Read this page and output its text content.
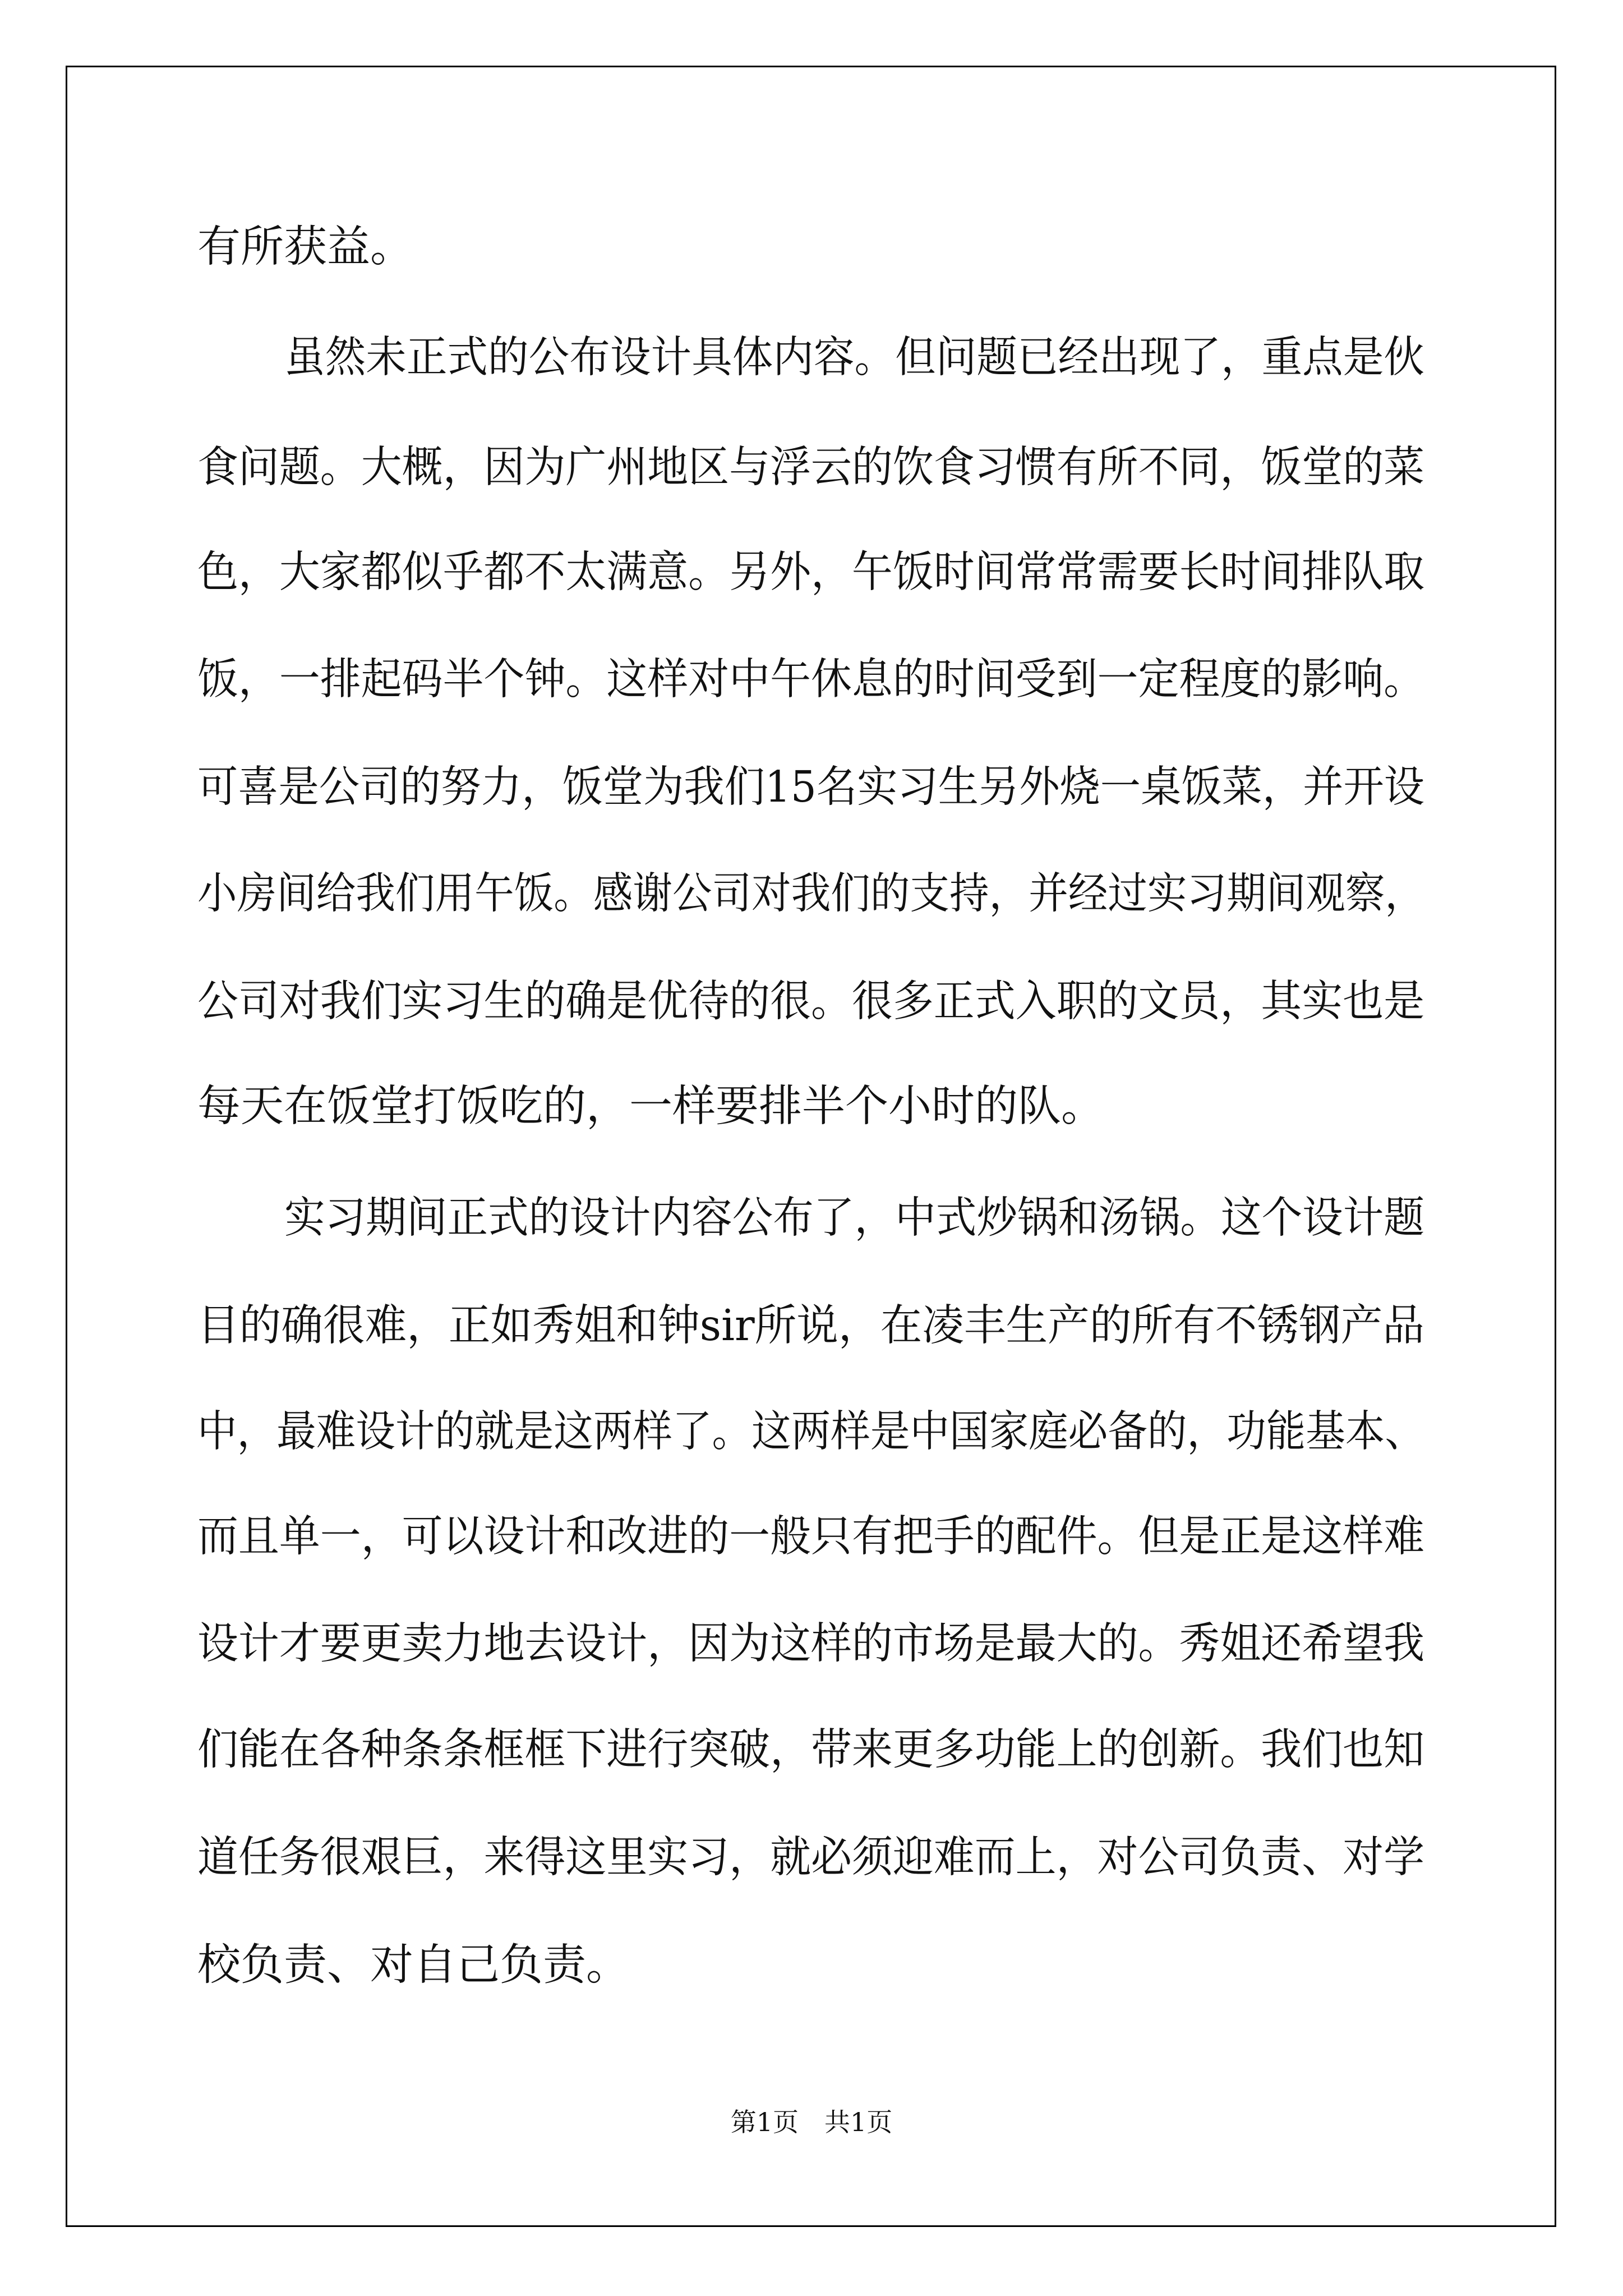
有所获益。
虽然未正式的公布设计具体内容。但问题已经出现了，重点是伙
食问题。大概，因为广州地区与浮云的饮食习惯有所不同，饭堂的菜
色，大家都似乎都不太满意。另外，午饭时间常常需要长时间排队取
饭，一排起码半个钟。这样对中午休息的时间受到一定程度的影响。
可喜是公司的努力，饭堂为我们15名实习生另外烧一桌饭菜，并开设
小房间给我们用午饭。感谢公司对我们的支持，并经过实习期间观察，
公司对我们实习生的确是优待的很。很多正式入职的文员，其实也是
每天在饭堂打饭吃的，一样要排半个小时的队。
实习期间正式的设计内容公布了，中式炒锅和汤锅。这个设计题
目的确很难，正如秀姐和钟sir所说，在凌丰生产的所有不锈钢产品
中，最难设计的就是这两样了。这两样是中国家庭必备的，功能基本、
而且单一，可以设计和改进的一般只有把手的配件。但是正是这样难
设计才要更卖力地去设计，因为这样的市场是最大的。秀姐还希望我
们能在各种条条框框下进行突破，带来更多功能上的创新。我们也知
道任务很艰巨，来得这里实习，就必须迎难而上，对公司负责、对学
校负责、对自己负责。
第1页　共1页
